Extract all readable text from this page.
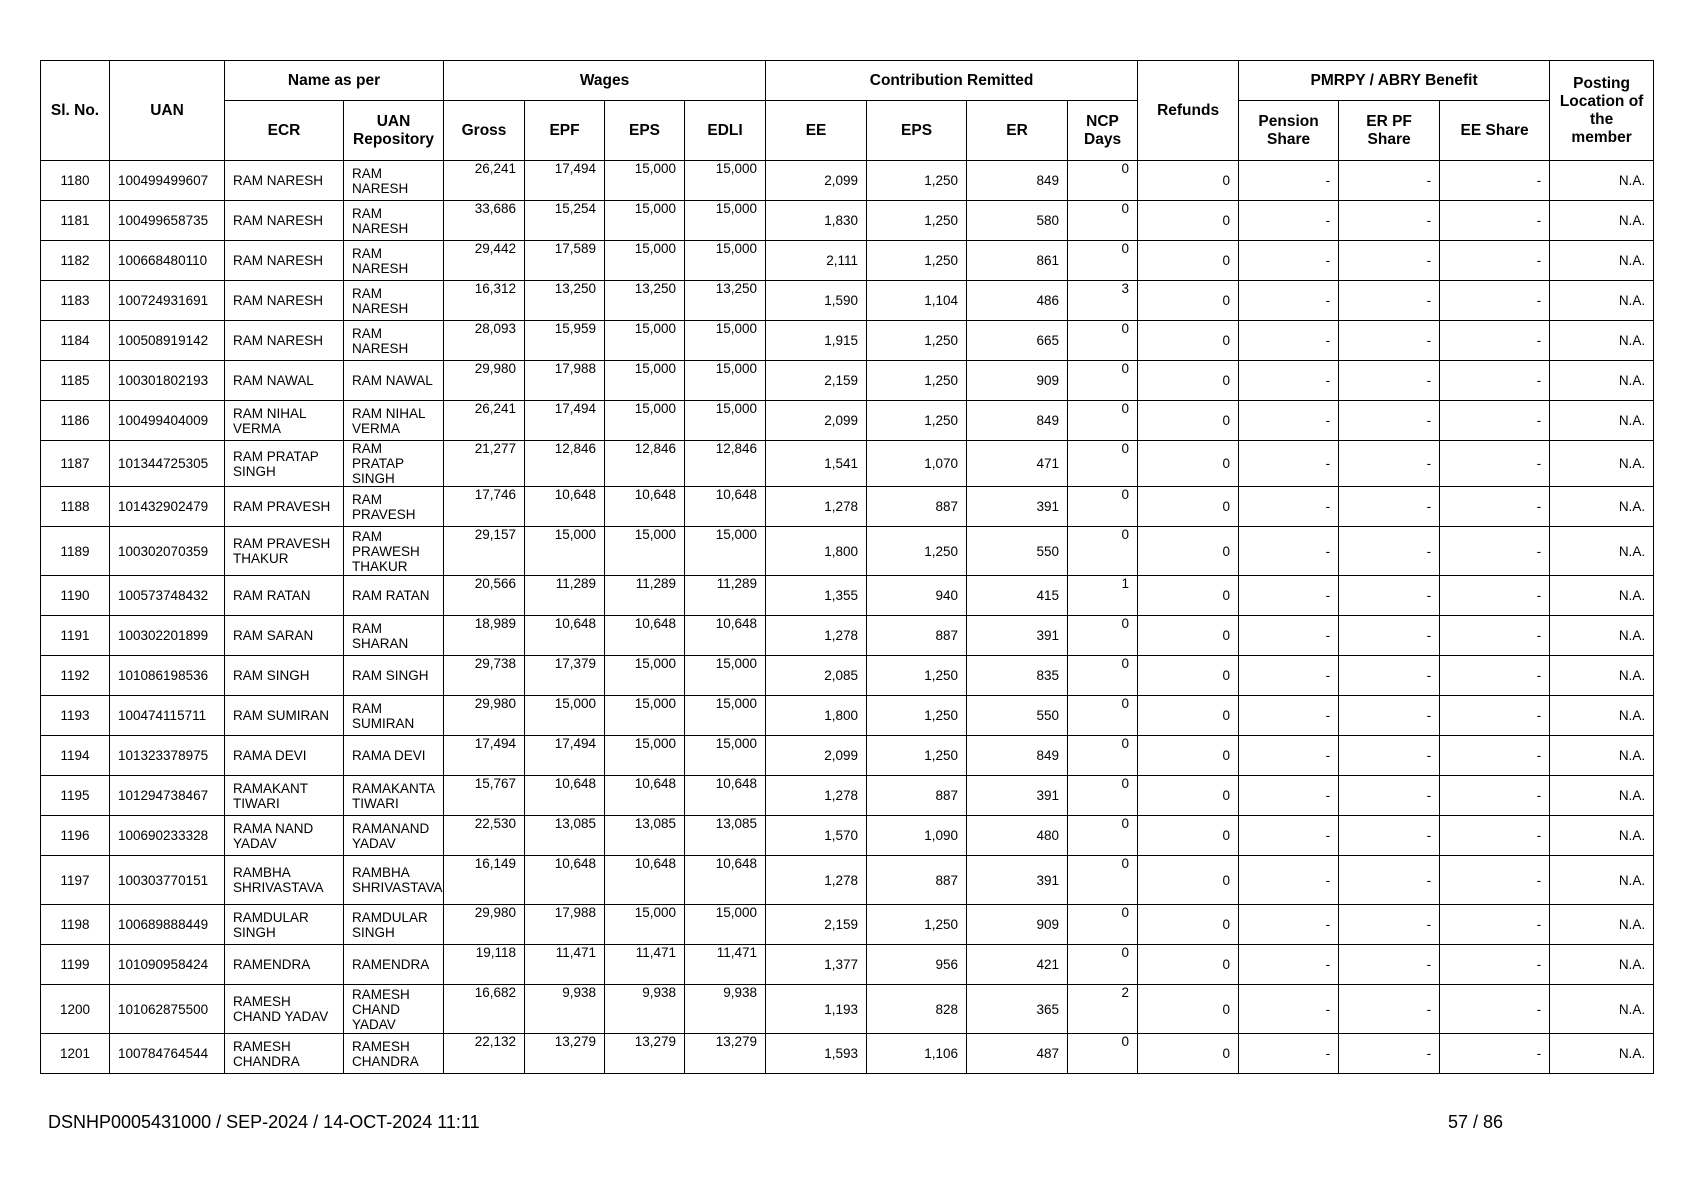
Sl. No.	UAN	Name as per		Wages				Contribution Remitted				Refunds	PMRPY / ABRY Benefit			Posting Location of the member
		ECR	UAN Repository	Gross	EPF	EPS	EDLI	EE	EPS	ER	NCP Days		Pension Share	ER PF Share	EE Share	
1180	100499499607	RAM NARESH	RAM NARESH	26,241	17,494	15,000	15,000	2,099	1,250	849	0	0	-	-	-	N.A.
1181	100499658735	RAM NARESH	RAM NARESH	33,686	15,254	15,000	15,000	1,830	1,250	580	0	0	-	-	-	N.A.
1182	100668480110	RAM NARESH	RAM NARESH	29,442	17,589	15,000	15,000	2,111	1,250	861	0	0	-	-	-	N.A.
1183	100724931691	RAM NARESH	RAM NARESH	16,312	13,250	13,250	13,250	1,590	1,104	486	3	0	-	-	-	N.A.
1184	100508919142	RAM NARESH	RAM NARESH	28,093	15,959	15,000	15,000	1,915	1,250	665	0	0	-	-	-	N.A.
1185	100301802193	RAM NAWAL	RAM NAWAL	29,980	17,988	15,000	15,000	2,159	1,250	909	0	0	-	-	-	N.A.
1186	100499404009	RAM NIHAL VERMA	RAM NIHAL VERMA	26,241	17,494	15,000	15,000	2,099	1,250	849	0	0	-	-	-	N.A.
1187	101344725305	RAM PRATAP SINGH	RAM PRATAP SINGH	21,277	12,846	12,846	12,846	1,541	1,070	471	0	0	-	-	-	N.A.
1188	101432902479	RAM PRAVESH	RAM PRAVESH	17,746	10,648	10,648	10,648	1,278	887	391	0	0	-	-	-	N.A.
1189	100302070359	RAM PRAVESH THAKUR	RAM PRAWESH THAKUR	29,157	15,000	15,000	15,000	1,800	1,250	550	0	0	-	-	-	N.A.
1190	100573748432	RAM RATAN	RAM RATAN	20,566	11,289	11,289	11,289	1,355	940	415	1	0	-	-	-	N.A.
1191	100302201899	RAM SARAN	RAM SHARAN	18,989	10,648	10,648	10,648	1,278	887	391	0	0	-	-	-	N.A.
1192	101086198536	RAM SINGH	RAM SINGH	29,738	17,379	15,000	15,000	2,085	1,250	835	0	0	-	-	-	N.A.
1193	100474115711	RAM SUMIRAN	RAM SUMIRAN	29,980	15,000	15,000	15,000	1,800	1,250	550	0	0	-	-	-	N.A.
1194	101323378975	RAMA DEVI	RAMA DEVI	17,494	17,494	15,000	15,000	2,099	1,250	849	0	0	-	-	-	N.A.
1195	101294738467	RAMAKANT TIWARI	RAMAKANTA TIWARI	15,767	10,648	10,648	10,648	1,278	887	391	0	0	-	-	-	N.A.
1196	100690233328	RAMA NAND YADAV	RAMANAND YADAV	22,530	13,085	13,085	13,085	1,570	1,090	480	0	0	-	-	-	N.A.
1197	100303770151	RAMBHA SHRIVASTAVA	RAMBHA SHRIVASTAVA	16,149	10,648	10,648	10,648	1,278	887	391	0	0	-	-	-	N.A.
1198	100689888449	RAMDULAR SINGH	RAMDULAR SINGH	29,980	17,988	15,000	15,000	2,159	1,250	909	0	0	-	-	-	N.A.
1199	101090958424	RAMENDRA	RAMENDRA	19,118	11,471	11,471	11,471	1,377	956	421	0	0	-	-	-	N.A.
1200	101062875500	RAMESH CHAND YADAV	RAMESH CHAND YADAV	16,682	9,938	9,938	9,938	1,193	828	365	2	0	-	-	-	N.A.
1201	100784764544	RAMESH CHANDRA	RAMESH CHANDRA	22,132	13,279	13,279	13,279	1,593	1,106	487	0	0	-	-	-	N.A.
DSNHP0005431000 / SEP-2024 / 14-OCT-2024 11:11	57 / 86
